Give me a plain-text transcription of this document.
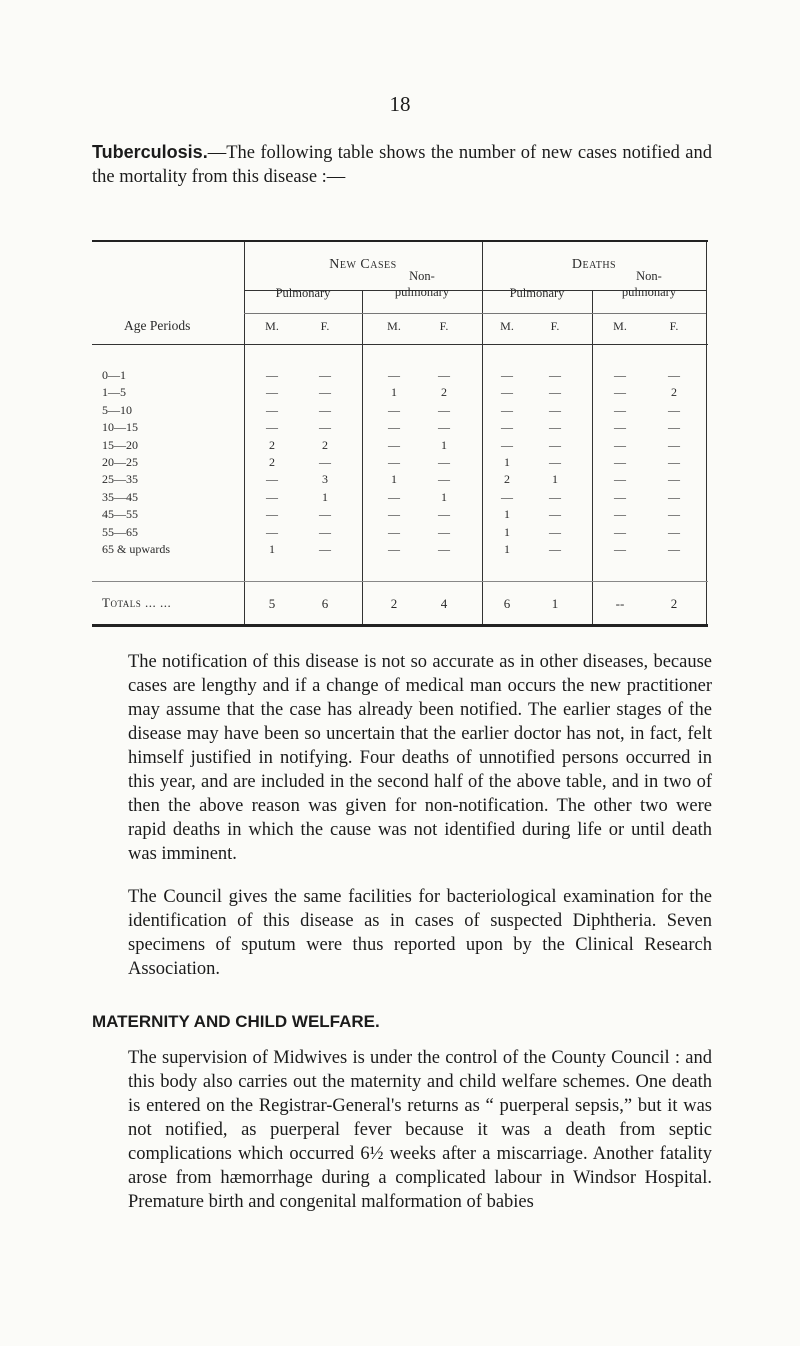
18
Tuberculosis.—The following table shows the number of new cases notified and the mortality from this disease :—
New Cases	Deaths
Pulmonary
Non-
pulmonary	Pulmonary
Non-
pulmonary
Age Periods	M.	F.	M.	F.	M.	F.	M.	F.
0—1	—	—	—	—	—	—	—	—
1—5	—	—	1	2	—	—	—	2
5—10	—	—	—	—	—	—	—	—
10—15	—	—	—	—	—	—	—	—
15—20	2	2	—	1	—	—	—	—
20—25	2	—	—	—	1	—	—	—
25—35	—	3	1	—	2	1	—	—
35—45	—	1	—	1	—	—	—	—
45—55	—	—	—	—	1	—	—	—
55—65	—	—	—	—	1	—	—	—
65 & upwards	1	—	—	—	1	—	—	—
Totals ... ...	5	6	2	4	6	1	--	2
The notification of this disease is not so accurate as in other diseases, because cases are lengthy and if a change of medical man occurs the new practitioner may assume that the case has already been notified. The earlier stages of the disease may have been so uncertain that the earlier doctor has not, in fact, felt himself justified in notifying. Four deaths of unnotified persons occurred in this year, and are included in the second half of the above table, and in two of then the above reason was given for non-notification. The other two were rapid deaths in which the cause was not identified during life or until death was imminent.
The Council gives the same facilities for bacteriological examination for the identification of this disease as in cases of suspected Diphtheria. Seven specimens of sputum were thus reported upon by the Clinical Research Association.
MATERNITY AND CHILD WELFARE.
The supervision of Midwives is under the control of the County Council : and this body also carries out the maternity and child welfare schemes. One death is entered on the Registrar-General's returns as “ puerperal sepsis,” but it was not notified, as puerperal fever because it was a death from septic complications which occurred 6½ weeks after a miscarriage. Another fatality arose from hæmorrhage during a complicated labour in Windsor Hospital. Premature birth and congenital malformation of babies
